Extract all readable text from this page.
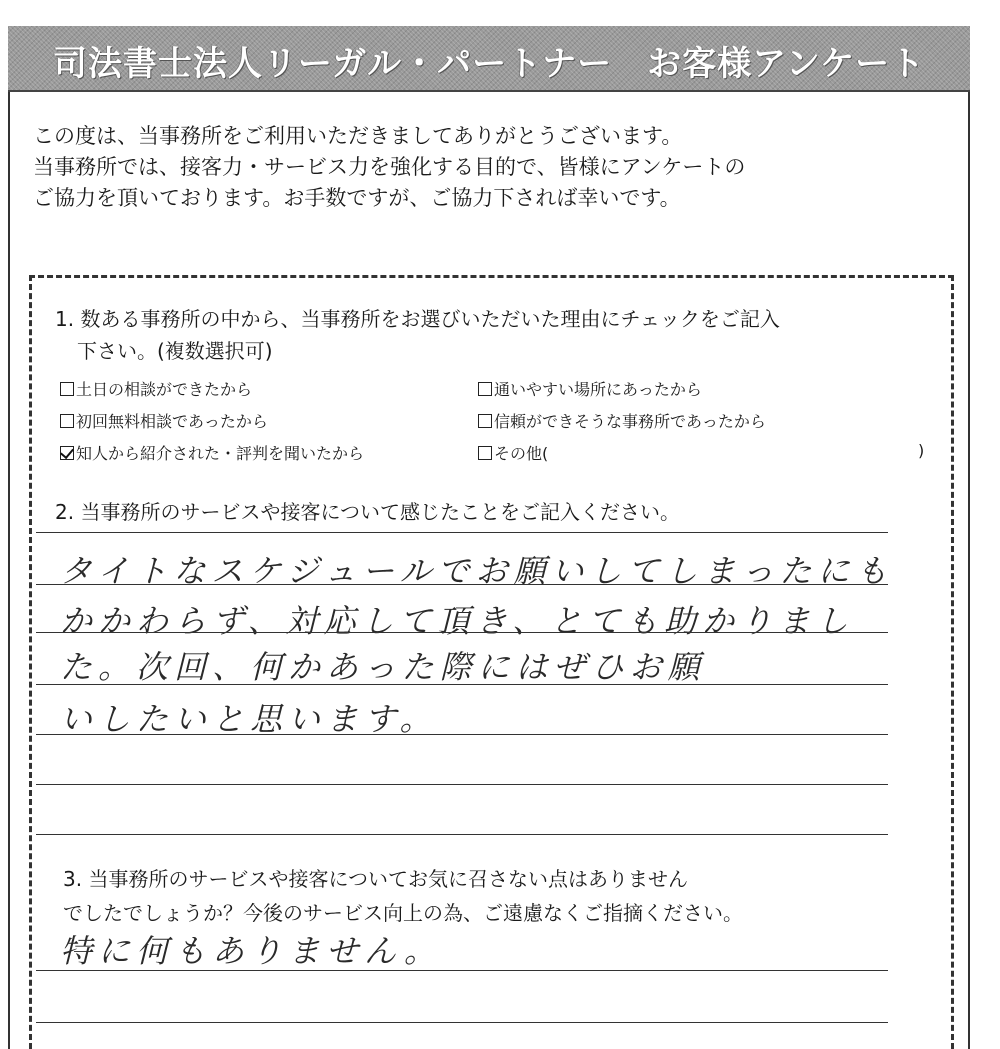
司法書士法人リーガル・パートナー　お客様アンケート
この度は、当事務所をご利用いただきましてありがとうございます。
当事務所では、接客力・サービス力を強化する目的で、皆様にアンケートの
ご協力を頂いております。お手数ですが、ご協力下されば幸いです。
1. 数ある事務所の中から、当事務所をお選びいただいた理由にチェックをご記入
下さい。(複数選択可)
土日の相談ができたから	通いやすい場所にあったから
初回無料相談であったから	信頼ができそうな事務所であったから
知人から紹介された・評判を聞いたから	その他(	)
2. 当事務所のサービスや接客について感じたことをご記入ください。
タイトなスケジュールでお願いしてしまったにも
かかわらず、対応して頂き、とても助かりまし
た。次回、何かあった際にはぜひお願
いしたいと思います。
3. 当事務所のサービスや接客についてお気に召さない点はありません
でしたでしょうか？今後のサービス向上の為、ご遠慮なくご指摘ください。
特に何もありません。
